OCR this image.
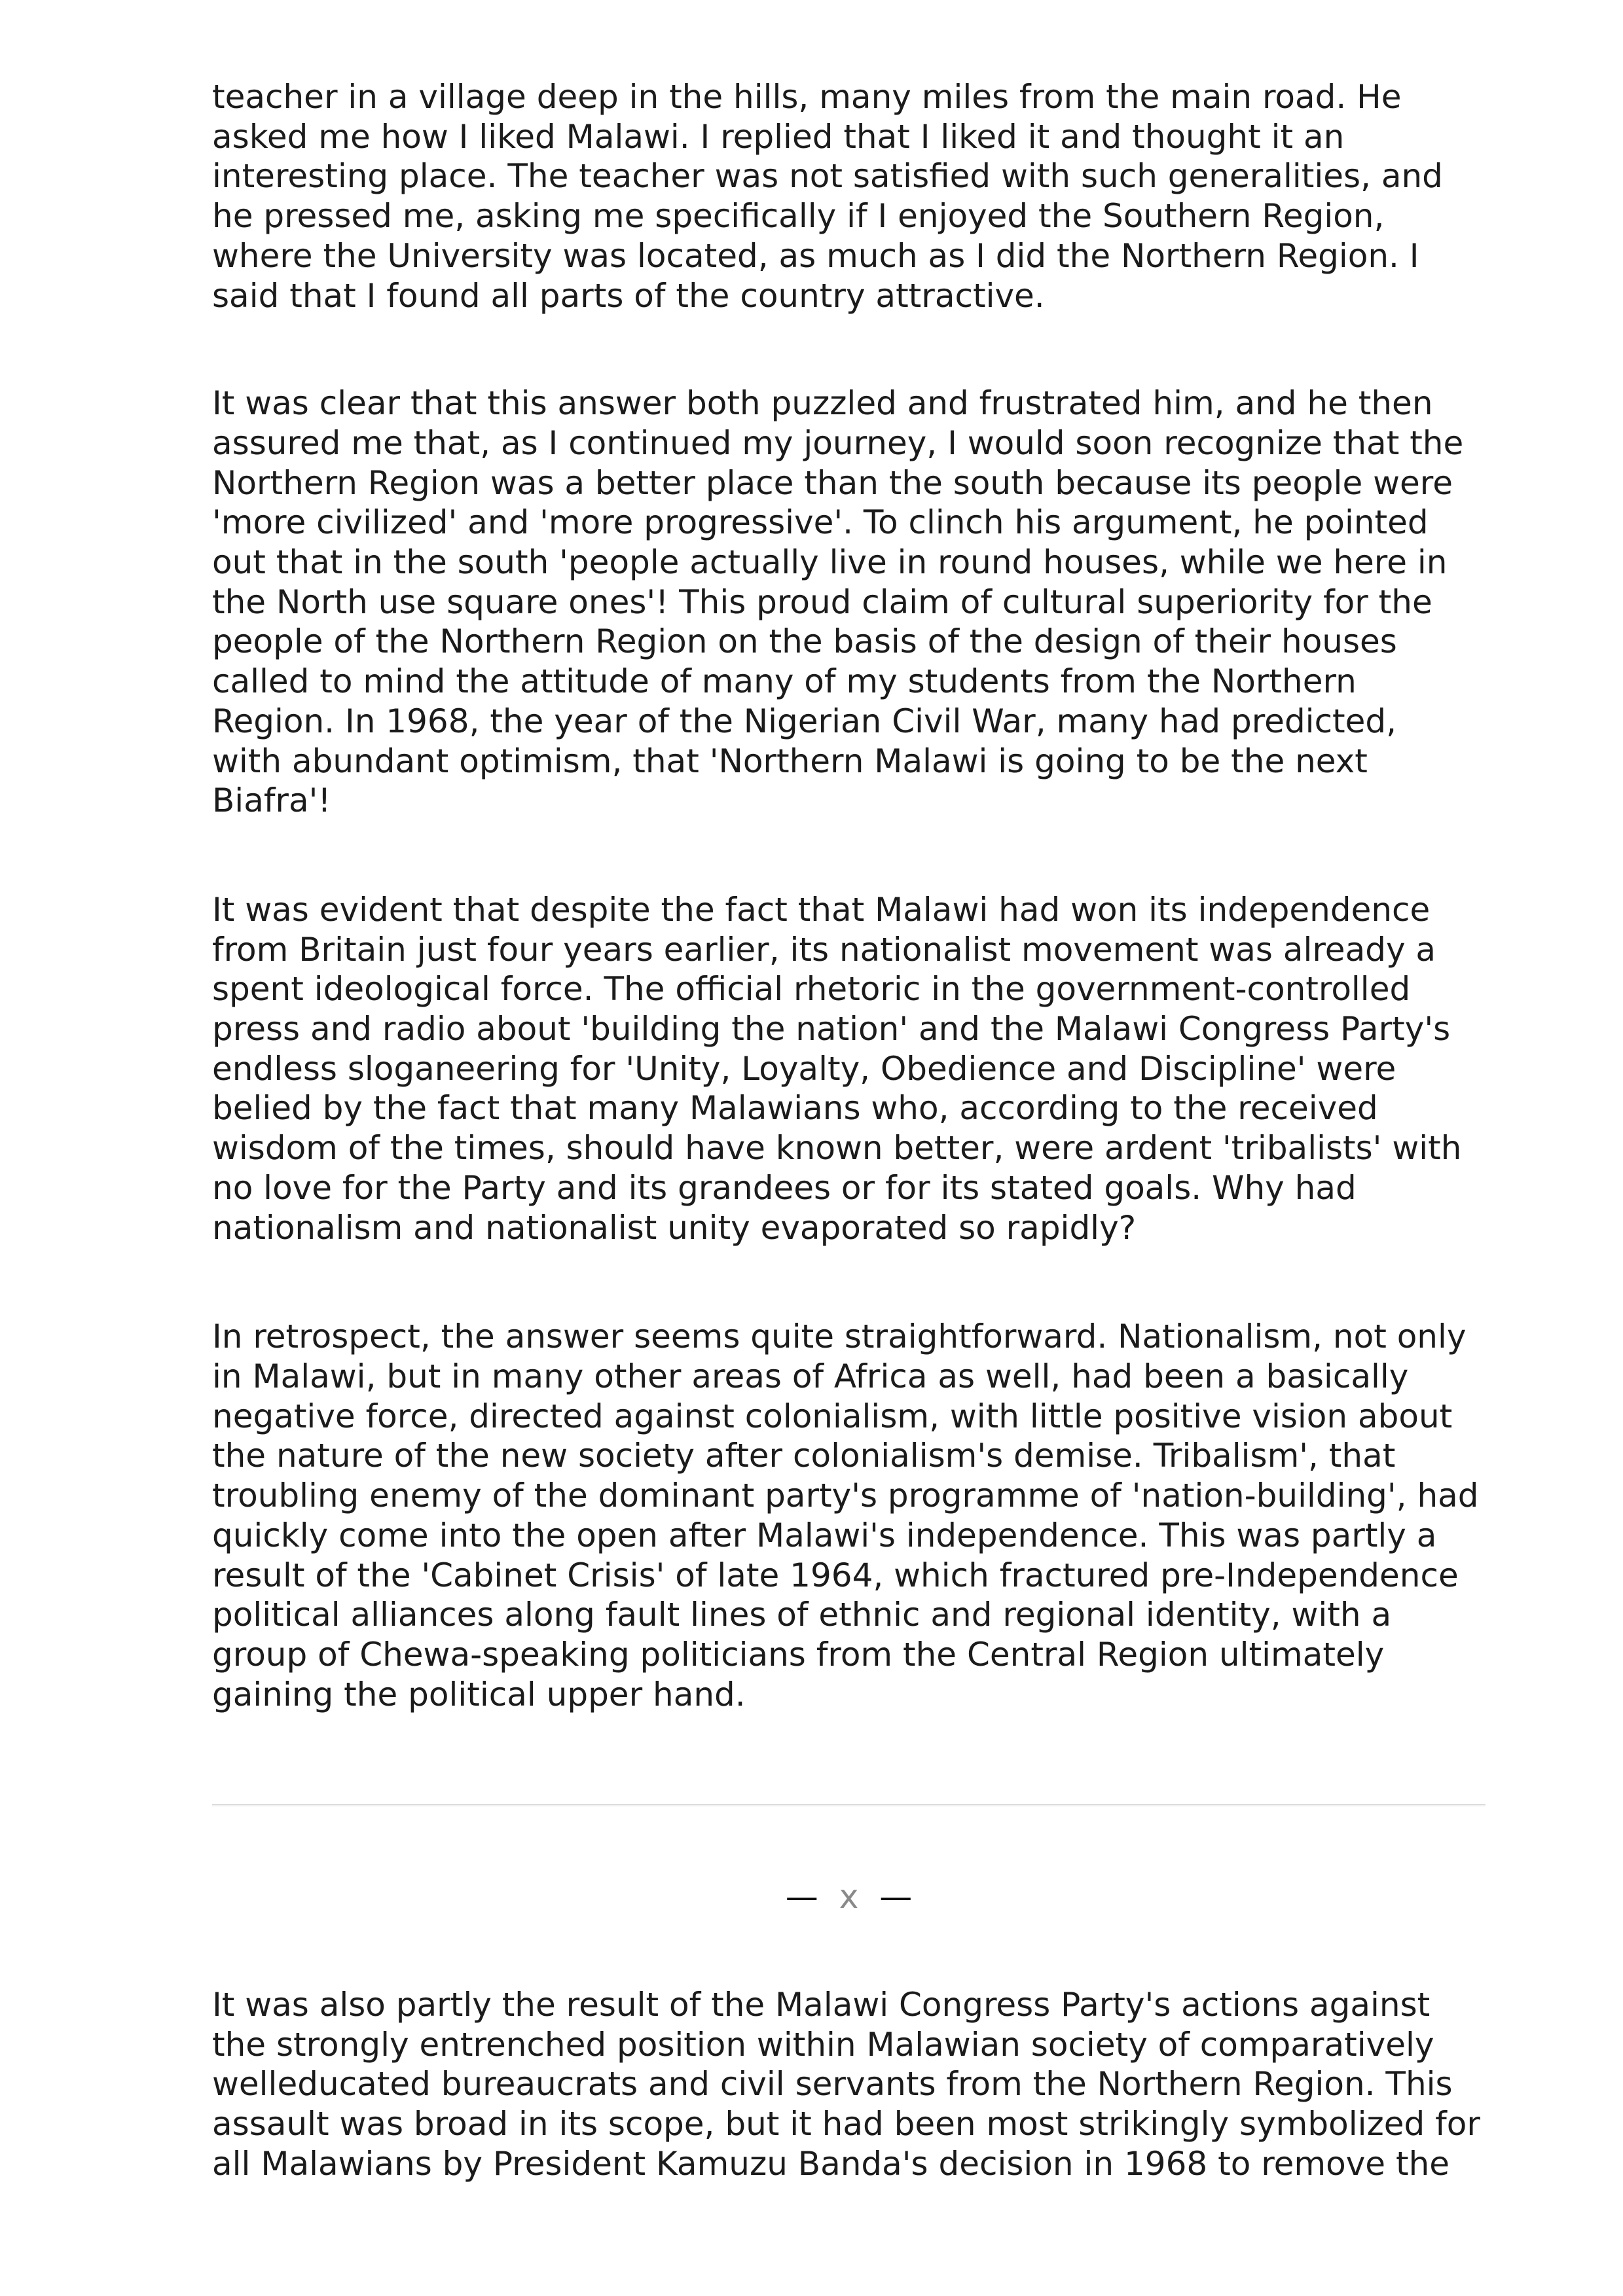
teacher in a village deep in the hills, many miles from the main road. He
asked me how I liked Malawi. I replied that I liked it and thought it an
interesting place. The teacher was not satisfied with such generalities, and
he pressed me, asking me specifically if I enjoyed the Southern Region,
where the University was located, as much as I did the Northern Region. I
said that I found all parts of the country attractive.
It was clear that this answer both puzzled and frustrated him, and he then
assured me that, as I continued my journey, I would soon recognize that the
Northern Region was a better place than the south because its people were
'more civilized' and 'more progressive'. To clinch his argument, he pointed
out that in the south 'people actually live in round houses, while we here in
the North use square ones'! This proud claim of cultural superiority for the
people of the Northern Region on the basis of the design of their houses
called to mind the attitude of many of my students from the Northern
Region. In 1968, the year of the Nigerian Civil War, many had predicted,
with abundant optimism, that 'Northern Malawi is going to be the next
Biafra'!
It was evident that despite the fact that Malawi had won its independence
from Britain just four years earlier, its nationalist movement was already a
spent ideological force. The official rhetoric in the government-controlled
press and radio about 'building the nation' and the Malawi Congress Party's
endless sloganeering for 'Unity, Loyalty, Obedience and Discipline' were
belied by the fact that many Malawians who, according to the received
wisdom of the times, should have known better, were ardent 'tribalists' with
no love for the Party and its grandees or for its stated goals. Why had
nationalism and nationalist unity evaporated so rapidly?
In retrospect, the answer seems quite straightforward. Nationalism, not only
in Malawi, but in many other areas of Africa as well, had been a basically
negative force, directed against colonialism, with little positive vision about
the nature of the new society after colonialism's demise. Tribalism', that
troubling enemy of the dominant party's programme of 'nation-building', had
quickly come into the open after Malawi's independence. This was partly a
result of the 'Cabinet Crisis' of late 1964, which fractured pre-Independence
political alliances along fault lines of ethnic and regional identity, with a
group of Chewa-speaking politicians from the Central Region ultimately
gaining the political upper hand.
— x —
It was also partly the result of the Malawi Congress Party's actions against
the strongly entrenched position within Malawian society of comparatively
welleducated bureaucrats and civil servants from the Northern Region. This
assault was broad in its scope, but it had been most strikingly symbolized for
all Malawians by President Kamuzu Banda's decision in 1968 to remove the
